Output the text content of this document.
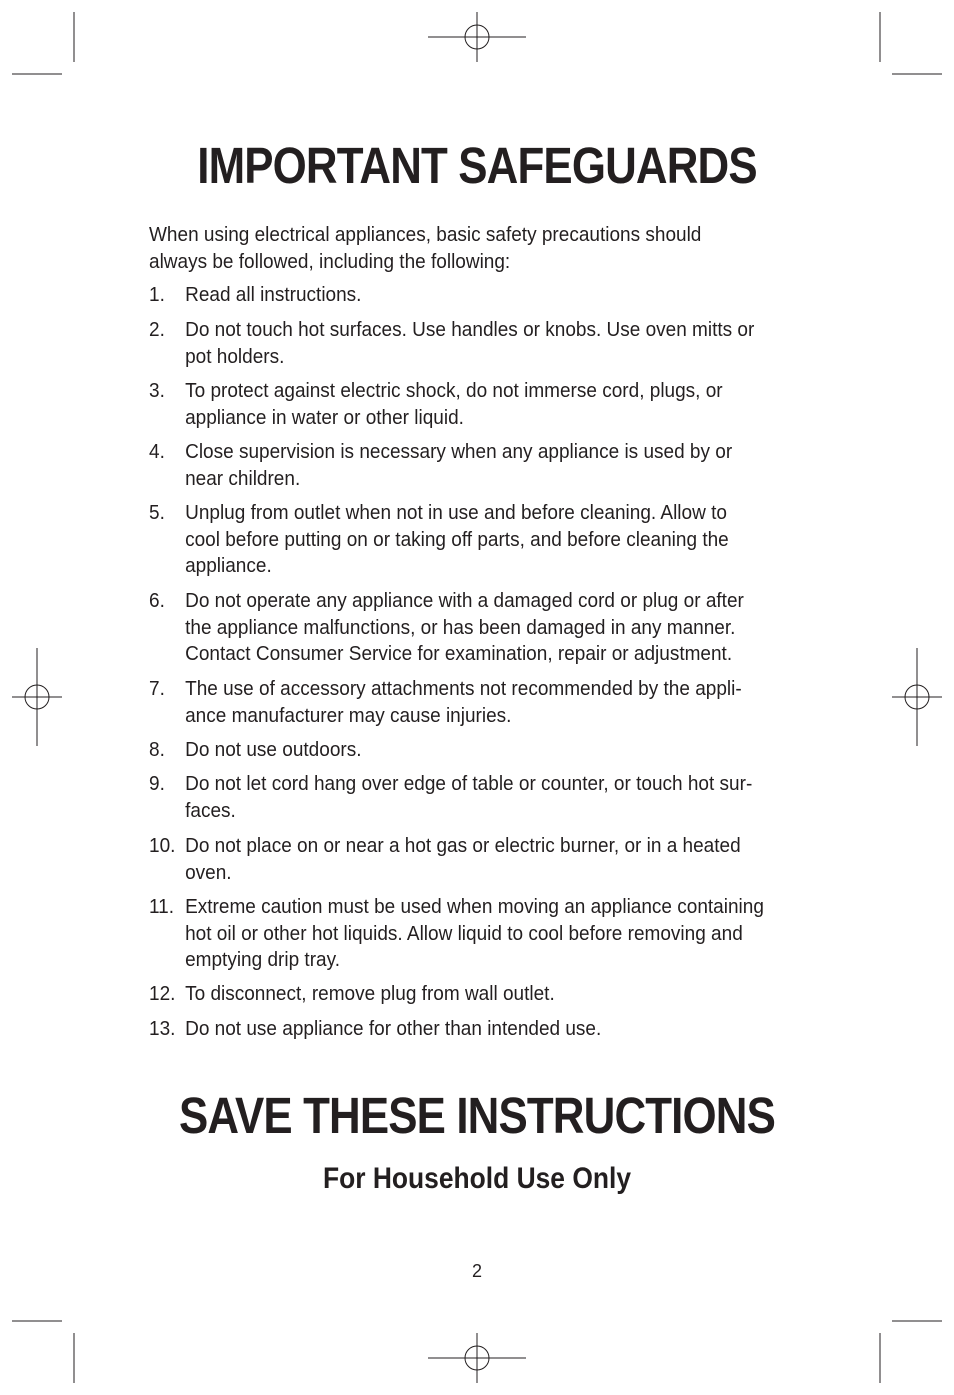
IMPORTANT SAFEGUARDS
When using electrical appliances, basic safety precautions should
always be followed, including the following:
1. Read all instructions.
2. Do not touch hot surfaces. Use handles or knobs. Use oven mitts or
pot holders.
3. To protect against electric shock, do not immerse cord, plugs, or
appliance in water or other liquid.
4. Close supervision is necessary when any appliance is used by or
near children.
5. Unplug from outlet when not in use and before cleaning. Allow to
cool before putting on or taking off parts, and before cleaning the
appliance.
6. Do not operate any appliance with a damaged cord or plug or after
the appliance malfunctions, or has been damaged in any manner.
Contact Consumer Service for examination, repair or adjustment.
7. The use of accessory attachments not recommended by the appli-
ance manufacturer may cause injuries.
8. Do not use outdoors.
9. Do not let cord hang over edge of table or counter, or touch hot sur-
faces.
10. Do not place on or near a hot gas or electric burner, or in a heated
oven.
11. Extreme caution must be used when moving an appliance containing
hot oil or other hot liquids. Allow liquid to cool before removing and
emptying drip tray.
12. To disconnect, remove plug from wall outlet.
13. Do not use appliance for other than intended use.
SAVE THESE INSTRUCTIONS
For Household Use Only
2
